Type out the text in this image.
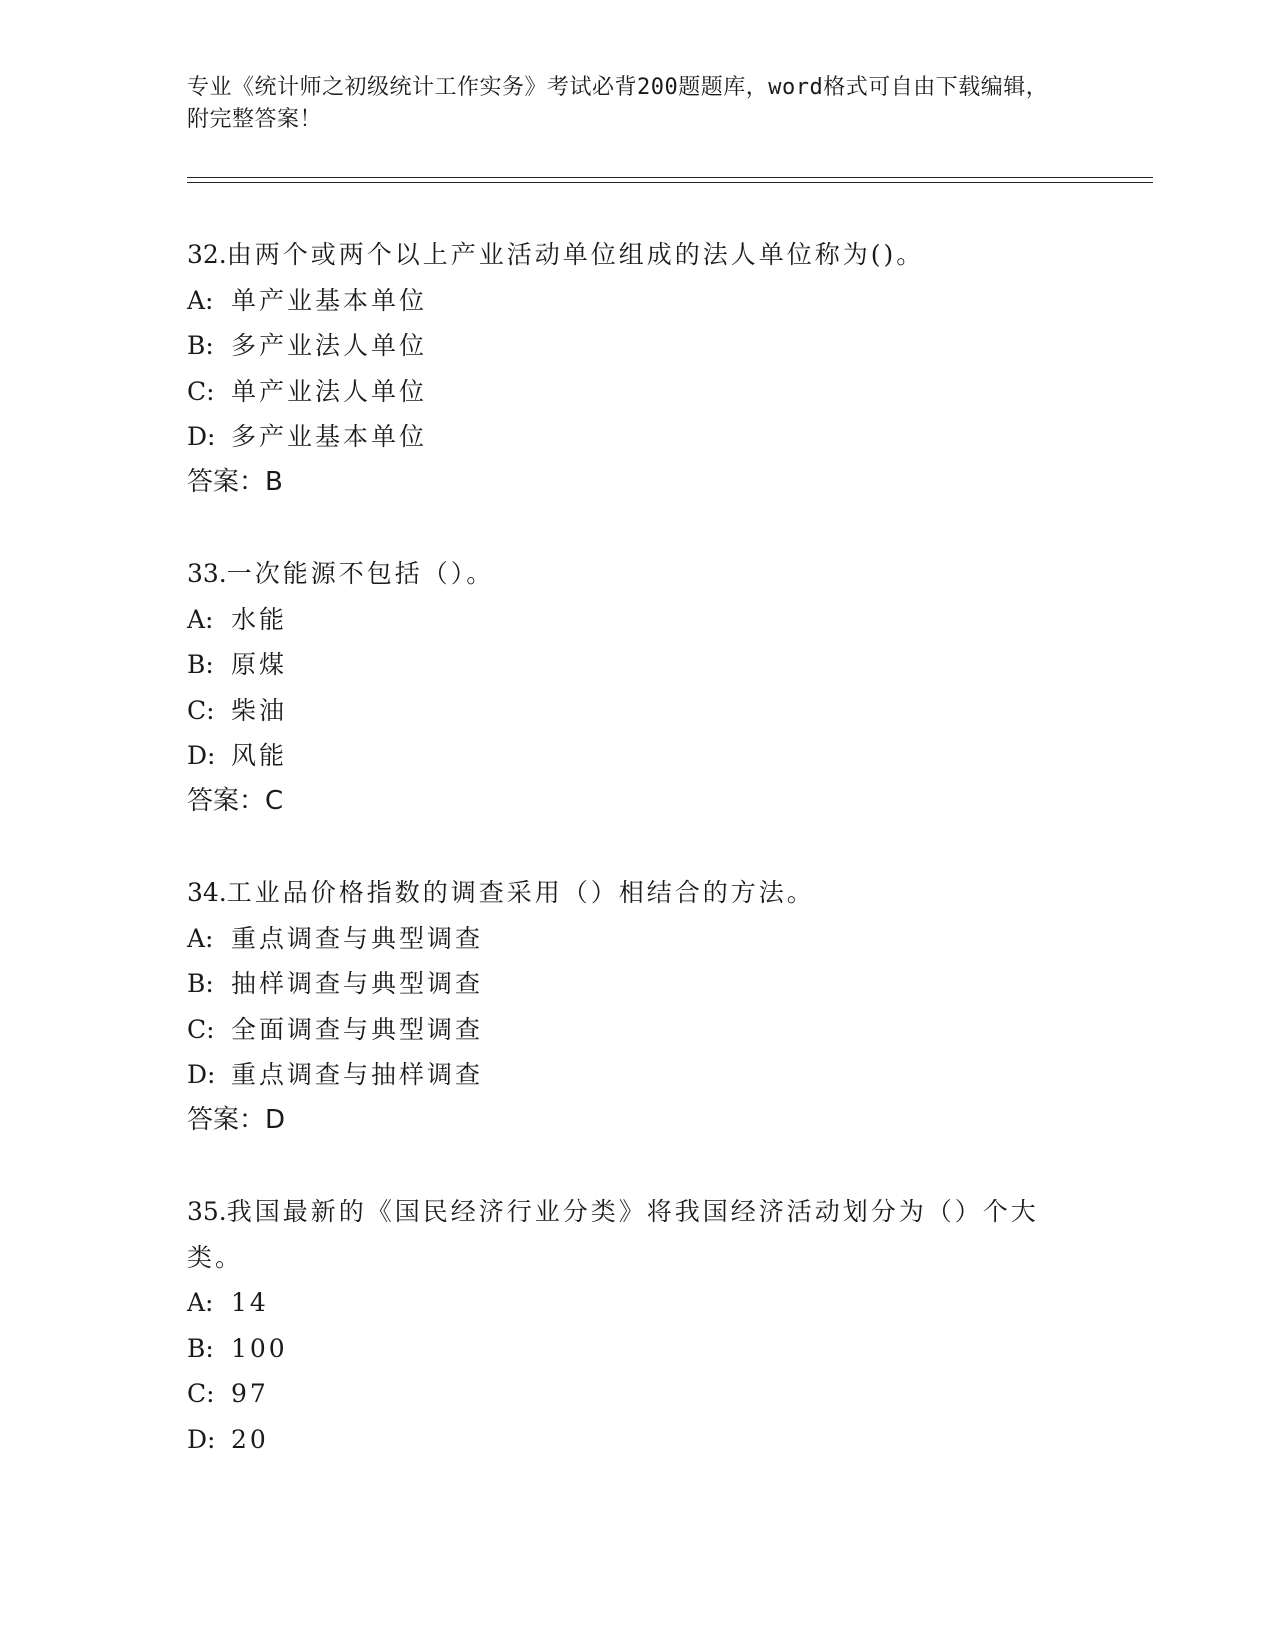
专业《统计师之初级统计工作实务》考试必背200题题库，word格式可自由下载编辑，附完整答案！

32.由两个或两个以上产业活动单位组成的法人单位称为()。

A: 单产业基本单位

B: 多产业法人单位

C: 单产业法人单位

D: 多产业基本单位

答案：B

33.一次能源不包括（）。

A: 水能

B: 原煤

C: 柴油

D: 风能

答案：C

34.工业品价格指数的调查采用（）相结合的方法。

A: 重点调查与典型调查

B: 抽样调查与典型调查

C: 全面调查与典型调查

D: 重点调查与抽样调查

答案：D

35.我国最新的《国民经济行业分类》将我国经济活动划分为（）个大类。

A: 14

B: 100

C: 97

D: 20
